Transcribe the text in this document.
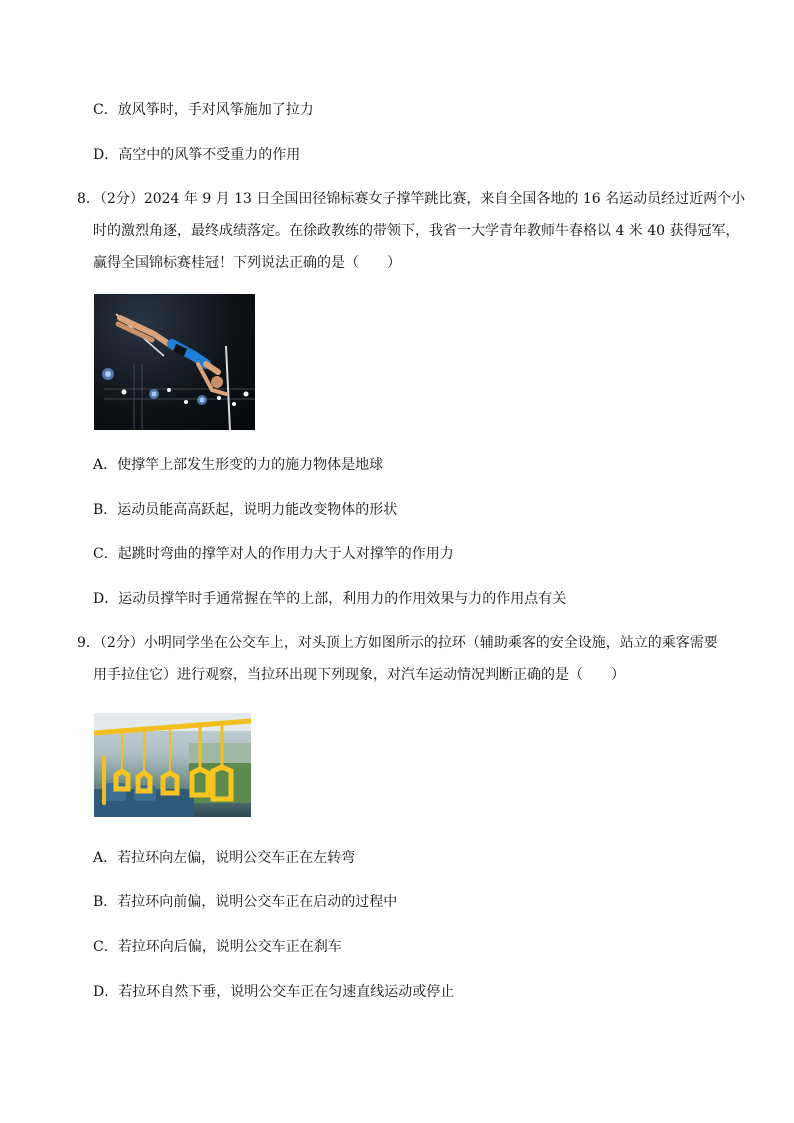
C．放风筝时，手对风筝施加了拉力
D．高空中的风筝不受重力的作用
8．（2分）2024 年 9 月 13 日全国田径锦标赛女子撑竿跳比赛，来自全国各地的 16 名运动员经过近两个小
时的激烈角逐，最终成绩落定。在徐政教练的带领下，我省一大学青年教师牛春格以 4 米 40 获得冠军，
赢得全国锦标赛桂冠！下列说法正确的是（　　）
A．使撑竿上部发生形变的力的施力物体是地球
B．运动员能高高跃起，说明力能改变物体的形状
C．起跳时弯曲的撑竿对人的作用力大于人对撑竿的作用力
D．运动员撑竿时手通常握在竿的上部，利用力的作用效果与力的作用点有关
9．（2分）小明同学坐在公交车上，对头顶上方如图所示的拉环（辅助乘客的安全设施，站立的乘客需要
用手拉住它）进行观察，当拉环出现下列现象，对汽车运动情况判断正确的是（　　）
A．若拉环向左偏，说明公交车正在左转弯
B．若拉环向前偏，说明公交车正在启动的过程中
C．若拉环向后偏，说明公交车正在刹车
D．若拉环自然下垂，说明公交车正在匀速直线运动或停止
